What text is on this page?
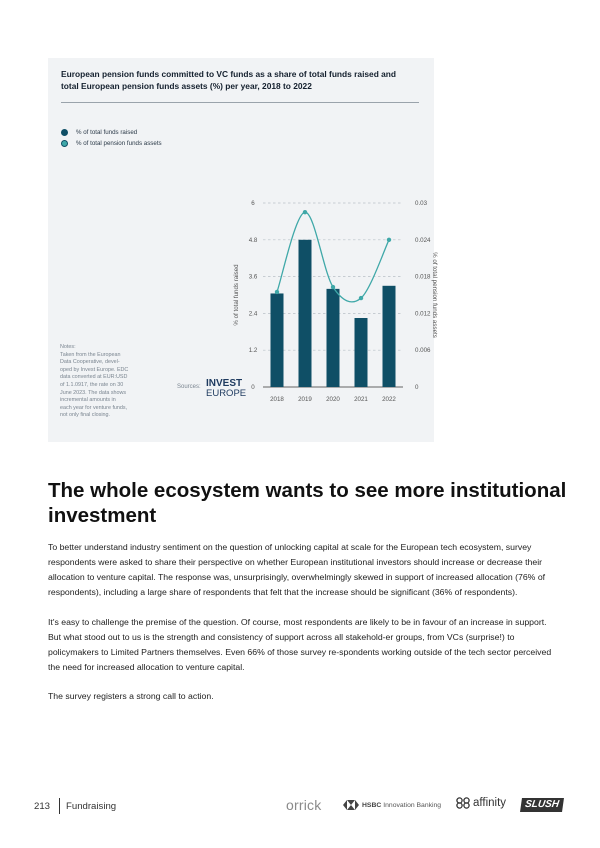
European pension funds committed to VC funds as a share of total funds raised and total European pension funds assets (%) per year, 2018 to 2022

% of total funds raised
% of total pension funds assets
Notes:
Taken from the European
Data Cooperative, devel-
oped by Invest Europe. EDC
data converted at EUR:USD
of 1.1.0917, the rate on 30
June 2023. The data shows
incremental amounts in
each year for venture funds,
not only final closing.
Sources: INVEST
EUROPE
0	0
1.2	0.006
2.4	0.012
3.6	0.018
4.8	0.024
6	0.03
2018 2019 2020 2021 2022
% of total funds raised	% of total pension funds assets
The whole ecosystem wants to see more institutional investment

To better understand industry sentiment on the question of unlocking capital at scale for the European tech ecosystem, survey respondents were asked to share their perspective on whether European institutional investors should increase or decrease their allocation to venture capital. The response was, unsurprisingly, overwhelmingly skewed in support of increased allocation (76% of respondents), including a large share of respondents that felt that the increase should be significant (36% of respondents).

It's easy to challenge the premise of the question. Of course, most respondents are likely to be in favour of an increase in support. But what stood out to us is the strength and consistency of support across all stakehold-er groups, from VCs (surprise!) to policymakers to Limited Partners themselves. Even 66% of those survey re-spondents working outside of the tech sector perceived the need for increased allocation to venture capital.

The survey registers a strong call to action.

213 Fundraising	orrick	HSBC Innovation Banking	affinity	SLUSH
